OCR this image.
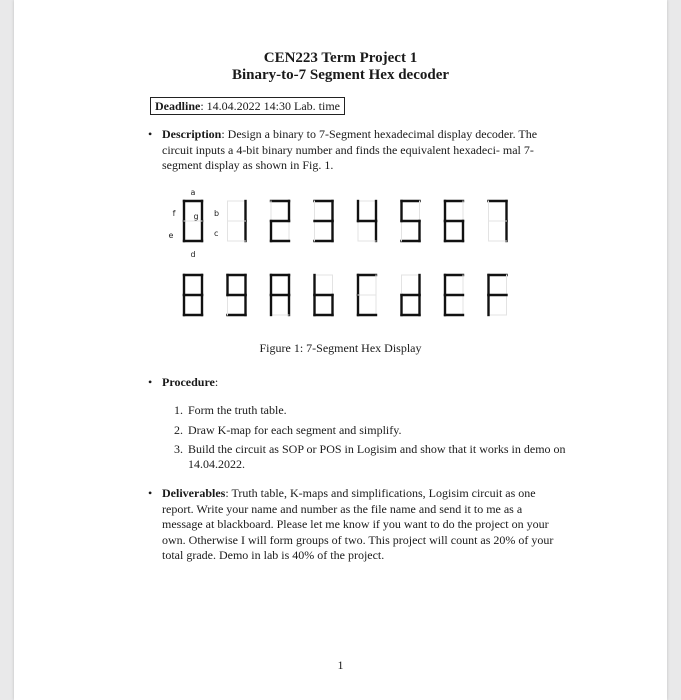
CEN223 Term Project 1
Binary-to-7 Segment Hex decoder
Deadline: 14.04.2022 14:30 Lab. time
• Description: Design a binary to 7-Segment hexadecimal display decoder. The circuit inputs a 4-bit binary number and finds the equivalent hexadeci- mal 7-segment display as shown in Fig. 1.
a
b
c
d
e
f g
Figure 1: 7-Segment Hex Display
• Procedure:
1. Form the truth table.
2. Draw K-map for each segment and simplify.
3. Build the circuit as SOP or POS in Logisim and show that it works in demo on 14.04.2022.
• Deliverables: Truth table, K-maps and simplifications, Logisim circuit as one report. Write your name and number as the file name and send it to me as a message at blackboard. Please let me know if you want to do the project on your own. Otherwise I will form groups of two. This project will count as 20% of your total grade. Demo in lab is 40% of the project.
1
